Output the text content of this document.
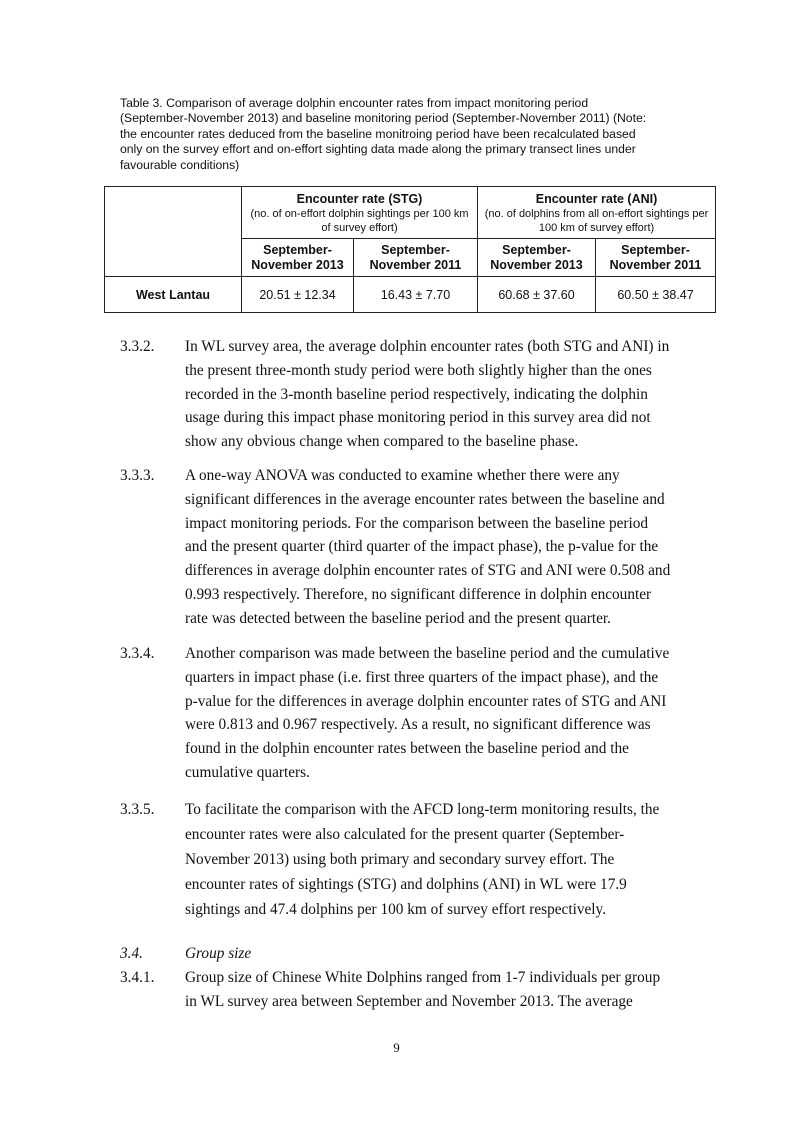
Table 3. Comparison of average dolphin encounter rates from impact monitoring period
(September-November 2013) and baseline monitoring period (September-November 2011) (Note:
the encounter rates deduced from the baseline monitroing period have been recalculated based
only on the survey effort and on-effort sighting data made along the primary transect lines under
favourable conditions)

	Encounter rate (STG)
(no. of on-effort dolphin sightings per 100 km of survey effort)		Encounter rate (ANI)
(no. of dolphins from all on-effort sightings per 100 km of survey effort)	

	September-
November 2013	September-
November 2011	September-
November 2013	September-
November 2011
West Lantau	20.51 ± 12.34	16.43 ± 7.70	60.68 ± 37.60	60.50 ± 38.47
3.3.2. In WL survey area, the average dolphin encounter rates (both STG and ANI) in
the present three-month study period were both slightly higher than the ones
recorded in the 3-month baseline period respectively, indicating the dolphin
usage during this impact phase monitoring period in this survey area did not
show any obvious change when compared to the baseline phase.
3.3.3. A one-way ANOVA was conducted to examine whether there were any
significant differences in the average encounter rates between the baseline and
impact monitoring periods. For the comparison between the baseline period
and the present quarter (third quarter of the impact phase), the p-value for the
differences in average dolphin encounter rates of STG and ANI were 0.508 and
0.993 respectively. Therefore, no significant difference in dolphin encounter
rate was detected between the baseline period and the present quarter.
3.3.4. Another comparison was made between the baseline period and the cumulative
quarters in impact phase (i.e. first three quarters of the impact phase), and the
p-value for the differences in average dolphin encounter rates of STG and ANI
were 0.813 and 0.967 respectively. As a result, no significant difference was
found in the dolphin encounter rates between the baseline period and the
cumulative quarters.
3.3.5. To facilitate the comparison with the AFCD long-term monitoring results, the
encounter rates were also calculated for the present quarter (September-
November 2013) using both primary and secondary survey effort. The
encounter rates of sightings (STG) and dolphins (ANI) in WL were 17.9
sightings and 47.4 dolphins per 100 km of survey effort respectively.
3.4.	Group size
3.4.1. Group size of Chinese White Dolphins ranged from 1-7 individuals per group
in WL survey area between September and November 2013. The average
9
